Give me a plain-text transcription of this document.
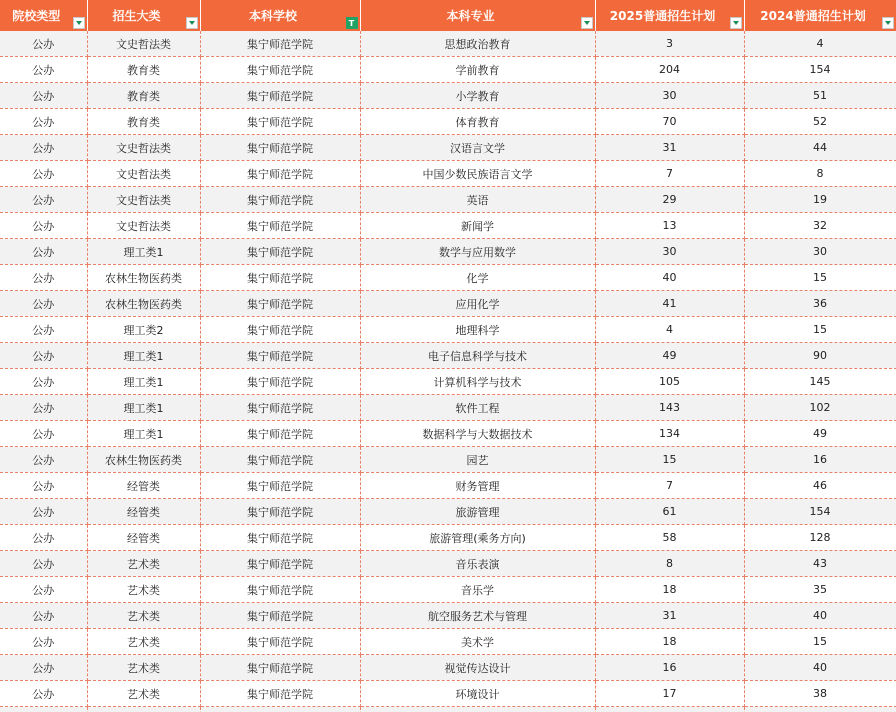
院校类型	招生大类	本科学校 T	本科专业	2025普通招生计划	2024普通招生计划

公办	文史哲法类	集宁师范学院	思想政治教育	3	4
公办	教育类	集宁师范学院	学前教育	204	154
公办	教育类	集宁师范学院	小学教育	30	51
公办	教育类	集宁师范学院	体育教育	70	52
公办	文史哲法类	集宁师范学院	汉语言文学	31	44
公办	文史哲法类	集宁师范学院	中国少数民族语言文学	7	8
公办	文史哲法类	集宁师范学院	英语	29	19
公办	文史哲法类	集宁师范学院	新闻学	13	32
公办	理工类1	集宁师范学院	数学与应用数学	30	30
公办	农林生物医药类	集宁师范学院	化学	40	15
公办	农林生物医药类	集宁师范学院	应用化学	41	36
公办	理工类2	集宁师范学院	地理科学	4	15
公办	理工类1	集宁师范学院	电子信息科学与技术	49	90
公办	理工类1	集宁师范学院	计算机科学与技术	105	145
公办	理工类1	集宁师范学院	软件工程	143	102
公办	理工类1	集宁师范学院	数据科学与大数据技术	134	49
公办	农林生物医药类	集宁师范学院	园艺	15	16
公办	经管类	集宁师范学院	财务管理	7	46
公办	经管类	集宁师范学院	旅游管理	61	154
公办	经管类	集宁师范学院	旅游管理(乘务方向)	58	128
公办	艺术类	集宁师范学院	音乐表演	8	43
公办	艺术类	集宁师范学院	音乐学	18	35
公办	艺术类	集宁师范学院	航空服务艺术与管理	31	40
公办	艺术类	集宁师范学院	美术学	18	15
公办	艺术类	集宁师范学院	视觉传达设计	16	40
公办	艺术类	集宁师范学院	环境设计	17	38
